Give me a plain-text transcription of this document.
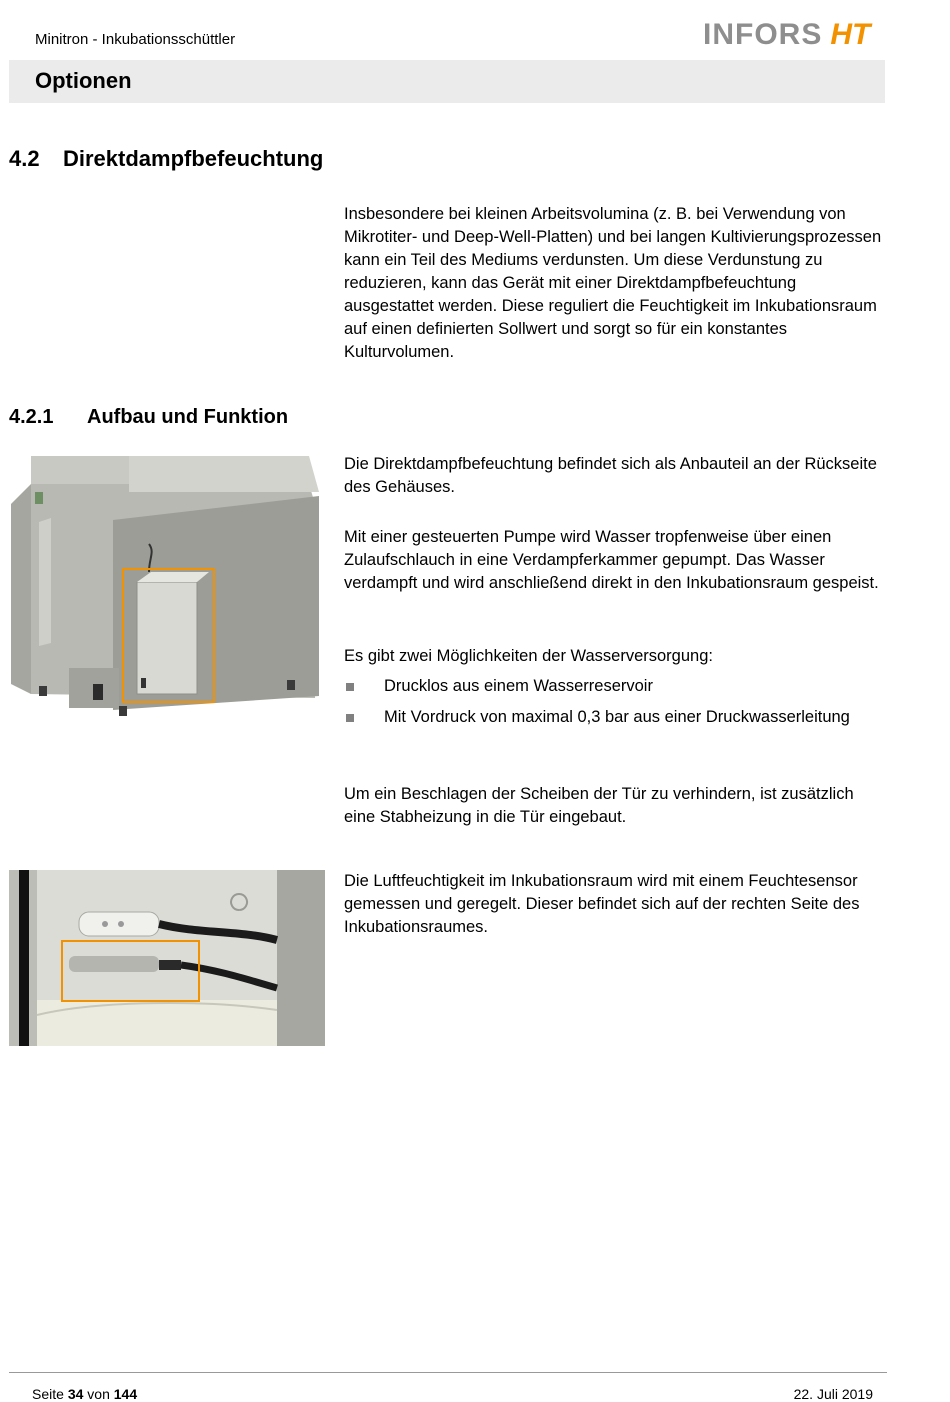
Minitron - Inkubationsschüttler	INFORS HT
Optionen
4.2 Direktdampfbefeuchtung

Insbesondere bei kleinen Arbeitsvolumina (z. B. bei Verwendung von Mikrotiter- und Deep-Well-Platten) und bei langen Kultivierungsprozessen kann ein Teil des Mediums verdunsten. Um diese Verdunstung zu reduzieren, kann das Gerät mit einer Direktdampfbefeuchtung ausgestattet werden. Diese reguliert die Feuchtigkeit im Inkubationsraum auf einen definierten Sollwert und sorgt so für ein konstantes Kulturvolumen.

4.2.1 Aufbau und Funktion

Die Direktdampfbefeuchtung befindet sich als Anbauteil an der Rückseite des Gehäuses.

Mit einer gesteuerten Pumpe wird Wasser tropfenweise über einen Zulaufschlauch in eine Verdampferkammer gepumpt. Das Wasser verdampft und wird anschließend direkt in den Inkubationsraum gespeist.

Es gibt zwei Möglichkeiten der Wasserversorgung:

Drucklos aus einem Wasserreservoir
Mit Vordruck von maximal 0,3 bar aus einer Druckwasserleitung

Um ein Beschlagen der Scheiben der Tür zu verhindern, ist zusätzlich eine Stabheizung in die Tür eingebaut.

Die Luftfeuchtigkeit im Inkubationsraum wird mit einem Feuchtesensor gemessen und geregelt. Dieser befindet sich auf der rechten Seite des Inkubationsraumes.

Seite 34 von 144	22. Juli 2019
